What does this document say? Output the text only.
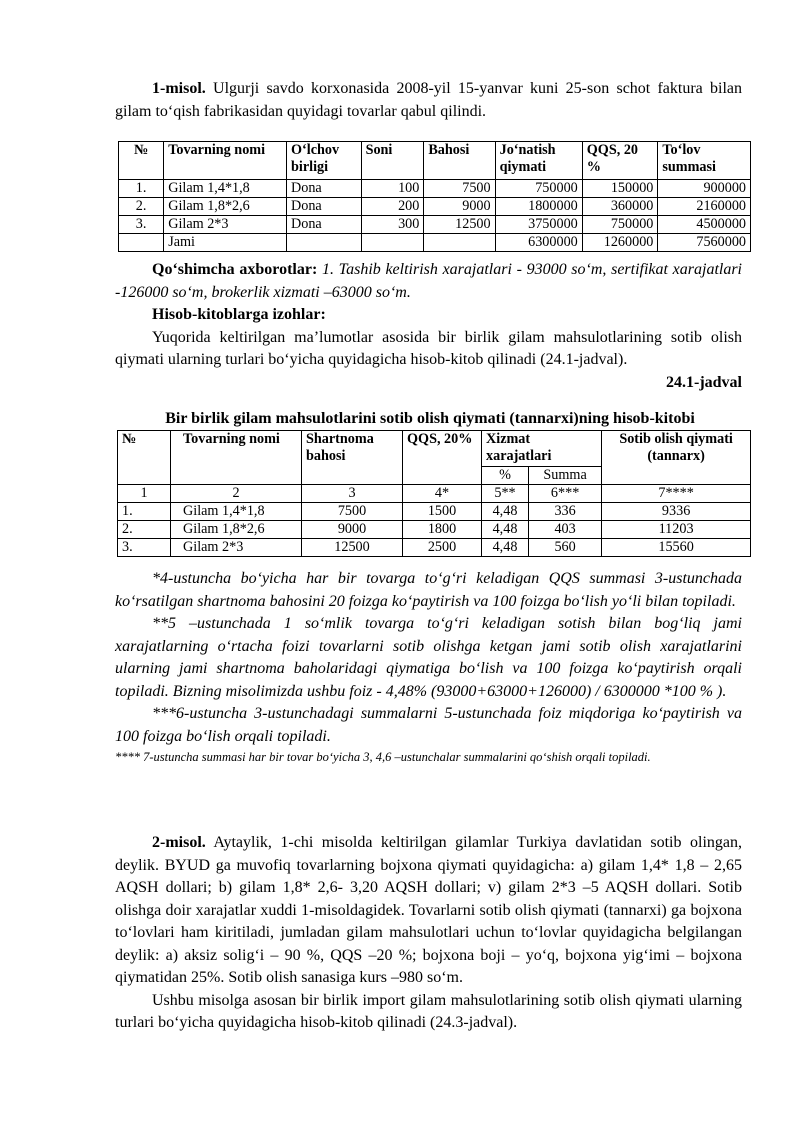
1-misol. Ulgurji savdo korxonasida 2008-yil 15-yanvar kuni 25-son schot faktura bilan gilam to‘qish fabrikasidan quyidagi tovarlar qabul qilindi.

№	Tovarning nomi	O‘lchov birligi	Soni	Bahosi	Jo‘natish qiymati	QQS, 20 %	To‘lov summasi
1.	Gilam 1,4*1,8	Dona	100	7500	750000	150000	900000
2.	Gilam 1,8*2,6	Dona	200	9000	1800000	360000	2160000
3.	Gilam 2*3	Dona	300	12500	3750000	750000	4500000
	Jami				6300000	1260000	7560000

Qo‘shimcha axborotlar: 1. Tashib keltirish xarajatlari - 93000 so‘m, sertifikat xarajatlari -126000 so‘m, brokerlik xizmati –63000 so‘m.

Hisob-kitoblarga izohlar:

Yuqorida keltirilgan ma’lumotlar asosida bir birlik gilam mahsulotlarining sotib olish qiymati ularning turlari bo‘yicha quyidagicha hisob-kitob qilinadi (24.1-jadval).

24.1-jadval

Bir birlik gilam mahsulotlarini sotib olish qiymati (tannarxi)ning hisob-kitobi
№	Tovarning nomi	Shartnoma bahosi	QQS, 20%	Xizmat xarajatlari		Sotib olish qiymati (tannarx)
				%	Summa	
1	2	3	4*	5**	6***	7****
1.	Gilam 1,4*1,8	7500	1500	4,48	336	9336
2.	Gilam 1,8*2,6	9000	1800	4,48	403	11203
3.	Gilam 2*3	12500	2500	4,48	560	15560

*4-ustuncha bo‘yicha har bir tovarga to‘g‘ri keladigan QQS summasi 3-ustunchada ko‘rsatilgan shartnoma bahosini 20 foizga ko‘paytirish va 100 foizga bo‘lish yo‘li bilan topiladi.

**5 –ustunchada 1 so‘mlik tovarga to‘g‘ri keladigan sotish bilan bog‘liq jami xarajatlarning o‘rtacha foizi tovarlarni sotib olishga ketgan jami sotib olish xarajatlarini ularning jami shartnoma baholaridagi qiymatiga bo‘lish va 100 foizga ko‘paytirish orqali topiladi. Bizning misolimizda ushbu foiz - 4,48% (93000+63000+126000) / 6300000 *100 % ).

***6-ustuncha 3-ustunchadagi summalarni 5-ustunchada foiz miqdoriga ko‘paytirish va 100 foizga bo‘lish orqali topiladi.

**** 7-ustuncha summasi har bir tovar bo‘yicha 3, 4,6 –ustunchalar summalarini qo‘shish orqali topiladi.

2-misol. Aytaylik, 1-chi misolda keltirilgan gilamlar Turkiya davlatidan sotib olingan, deylik. BYUD ga muvofiq tovarlarning bojxona qiymati quyidagicha: a) gilam 1,4* 1,8 – 2,65 AQSH dollari; b) gilam 1,8* 2,6- 3,20 AQSH dollari; v) gilam 2*3 –5 AQSH dollari. Sotib olishga doir xarajatlar xuddi 1-misoldagidek. Tovarlarni sotib olish qiymati (tannarxi) ga bojxona to‘lovlari ham kiritiladi, jumladan gilam mahsulotlari uchun to‘lovlar quyidagicha belgilangan deylik: a) aksiz solig‘i – 90 %, QQS –20 %; bojxona boji – yo‘q, bojxona yig‘imi – bojxona qiymatidan 25%. Sotib olish sanasiga kurs –980 so‘m.

Ushbu misolga asosan bir birlik import gilam mahsulotlarining sotib olish qiymati ularning turlari bo‘yicha quyidagicha hisob-kitob qilinadi (24.3-jadval).
